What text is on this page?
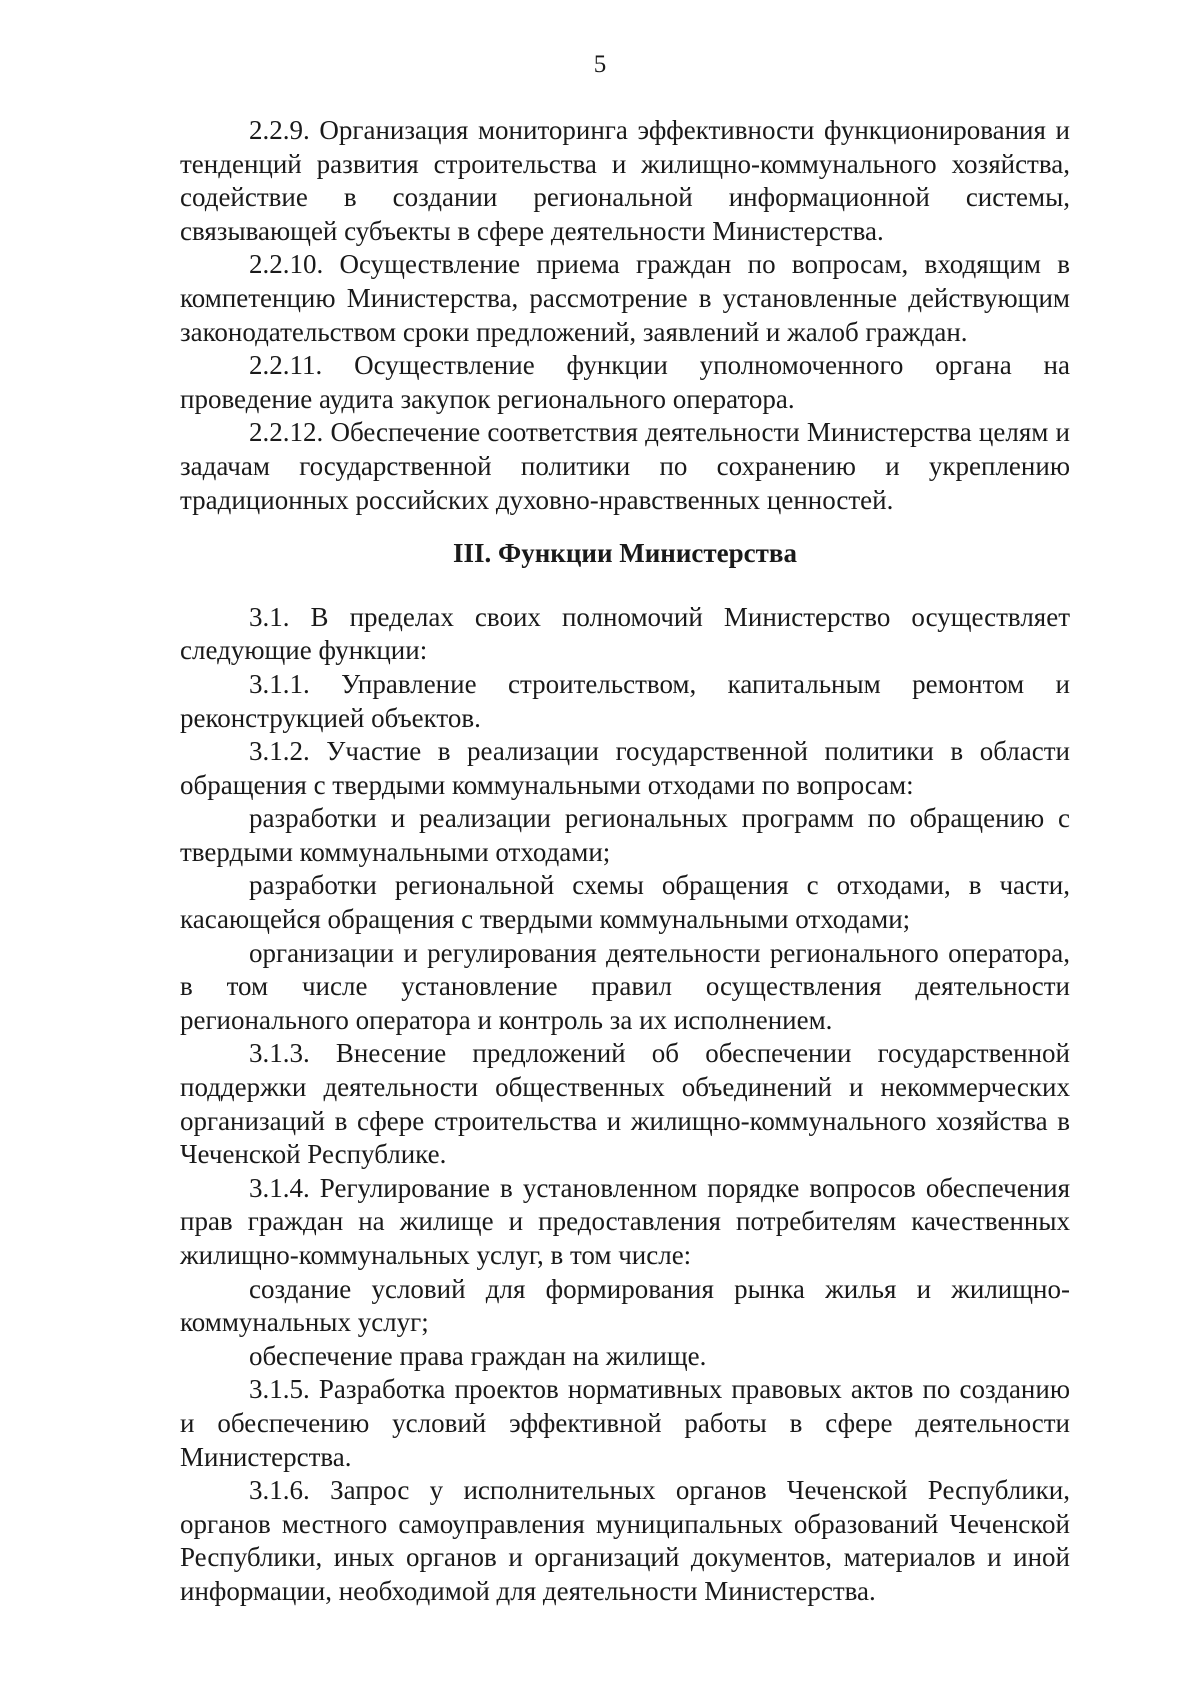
5

2.2.9. Организация мониторинга эффективности функционирования и тенденций развития строительства и жилищно-коммунального хозяйства, содействие в создании региональной информационной системы, связывающей субъекты в сфере деятельности Министерства.

2.2.10. Осуществление приема граждан по вопросам, входящим в компетенцию Министерства, рассмотрение в установленные действующим законодательством сроки предложений, заявлений и жалоб граждан.

2.2.11. Осуществление функции уполномоченного органа на проведение аудита закупок регионального оператора.

2.2.12. Обеспечение соответствия деятельности Министерства целям и задачам государственной политики по сохранению и укреплению традиционных российских духовно-нравственных ценностей.

III. Функции Министерства

3.1. В пределах своих полномочий Министерство осуществляет следующие функции:

3.1.1. Управление строительством, капитальным ремонтом и реконструкцией объектов.

3.1.2. Участие в реализации государственной политики в области обращения с твердыми коммунальными отходами по вопросам:

разработки и реализации региональных программ по обращению с твердыми коммунальными отходами;

разработки региональной схемы обращения с отходами, в части, касающейся обращения с твердыми коммунальными отходами;

организации и регулирования деятельности регионального оператора, в том числе установление правил осуществления деятельности регионального оператора и контроль за их исполнением.

3.1.3. Внесение предложений об обеспечении государственной поддержки деятельности общественных объединений и некоммерческих организаций в сфере строительства и жилищно-коммунального хозяйства в Чеченской Республике.

3.1.4. Регулирование в установленном порядке вопросов обеспечения прав граждан на жилище и предоставления потребителям качественных жилищно-коммунальных услуг, в том числе:

создание условий для формирования рынка жилья и жилищно-коммунальных услуг;

обеспечение права граждан на жилище.

3.1.5. Разработка проектов нормативных правовых актов по созданию и обеспечению условий эффективной работы в сфере деятельности Министерства.

3.1.6. Запрос у исполнительных органов Чеченской Республики, органов местного самоуправления муниципальных образований Чеченской Республики, иных органов и организаций документов, материалов и иной информации, необходимой для деятельности Министерства.
